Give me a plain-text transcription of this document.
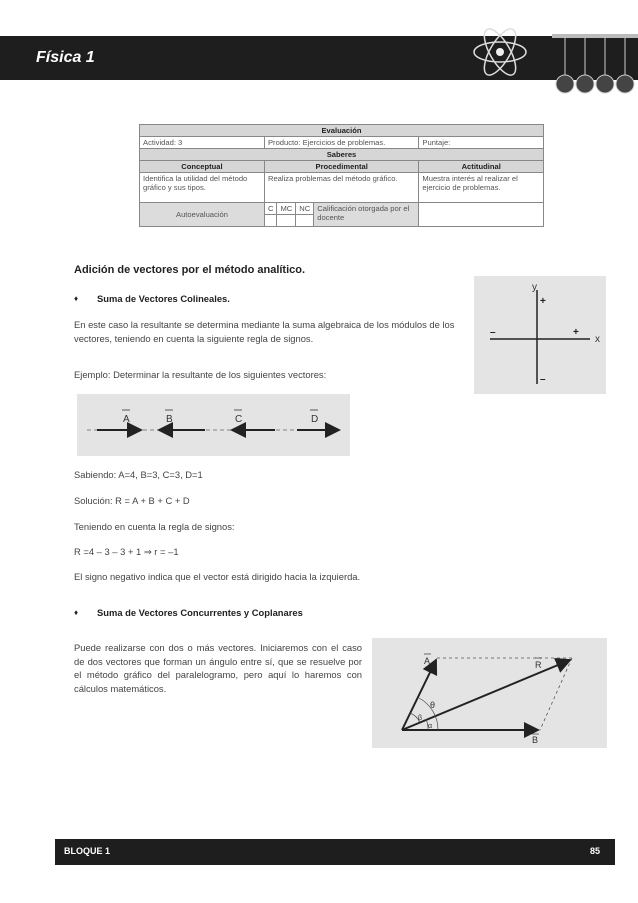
Física 1
Evaluación					
Actividad: 3	Producto: Ejercicios de problemas.				Puntaje:
Saberes					
Conceptual	Procedimental				Actitudinal
Identifica la utilidad del método gráfico y sus tipos.	Realiza problemas del método gráfico.				Muestra interés al realizar el ejercicio de problemas.
Autoevaluación	C	MC	NC	Calificación otorgada por el docente	

Adición de vectores por el método analítico.
♦ Suma de Vectores Colineales.
En este caso la resultante se determina mediante la suma algebraica de los módulos de los vectores, teniendo en cuenta la siguiente regla de signos.
y
x
+
–
+
–
Ejemplo: Determinar la resultante de los siguientes vectores:
A	B	C	D
Sabiendo: A=4, B=3, C=3, D=1
Solución: R = A + B + C + D
Teniendo en cuenta la regla de signos:
R =4 – 3 – 3 + 1 ⇒ r = –1
El signo negativo indica que el vector está dirigido hacia la izquierda.
♦ Suma de Vectores Concurrentes y Coplanares
Puede realizarse con dos o más vectores. Iniciaremos con el caso de dos vectores que forman un ángulo entre sí, que se resuelve por el método gráfico del paralelogramo, pero aquí lo haremos con cálculos matemáticos.
A	R
B
θ
β
α
BLOQUE 1	85
